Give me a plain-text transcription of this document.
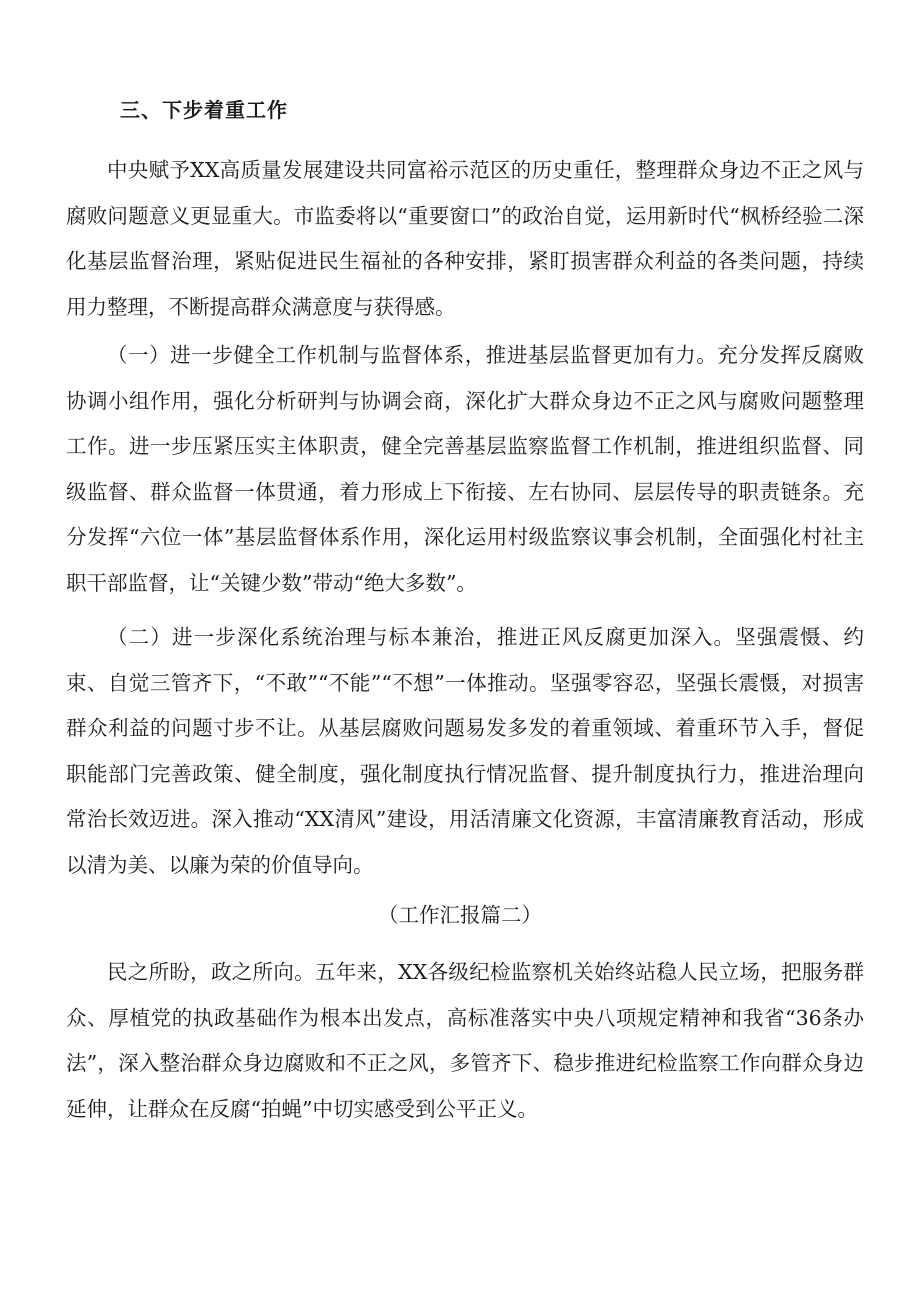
三、下步着重工作

中央赋予XX高质量发展建设共同富裕示范区的历史重任，整理群众身边不正之风与腐败问题意义更显重大。市监委将以“重要窗口”的政治自觉，运用新时代“枫桥经验二深化基层监督治理，紧贴促进民生福祉的各种安排，紧盯损害群众利益的各类问题，持续用力整理，不断提高群众满意度与获得感。

（一）进一步健全工作机制与监督体系，推进基层监督更加有力。充分发挥反腐败协调小组作用，强化分析研判与协调会商，深化扩大群众身边不正之风与腐败问题整理工作。进一步压紧压实主体职责，健全完善基层监察监督工作机制，推进组织监督、同级监督、群众监督一体贯通，着力形成上下衔接、左右协同、层层传导的职责链条。充分发挥“六位一体”基层监督体系作用，深化运用村级监察议事会机制，全面强化村社主职干部监督，让“关键少数”带动“绝大多数”。

（二）进一步深化系统治理与标本兼治，推进正风反腐更加深入。坚强震慑、约束、自觉三管齐下，“不敢”“不能”“不想”一体推动。坚强零容忍，坚强长震慑，对损害群众利益的问题寸步不让。从基层腐败问题易发多发的着重领域、着重环节入手，督促职能部门完善政策、健全制度，强化制度执行情况监督、提升制度执行力，推进治理向常治长效迈进。深入推动“XX清风”建设，用活清廉文化资源，丰富清廉教育活动，形成以清为美、以廉为荣的价值导向。

（工作汇报篇二）

民之所盼，政之所向。五年来，XX各级纪检监察机关始终站稳人民立场，把服务群众、厚植党的执政基础作为根本出发点，高标准落实中央八项规定精神和我省“36条办法”，深入整治群众身边腐败和不正之风，多管齐下、稳步推进纪检监察工作向群众身边延伸，让群众在反腐“拍蝇”中切实感受到公平正义。
